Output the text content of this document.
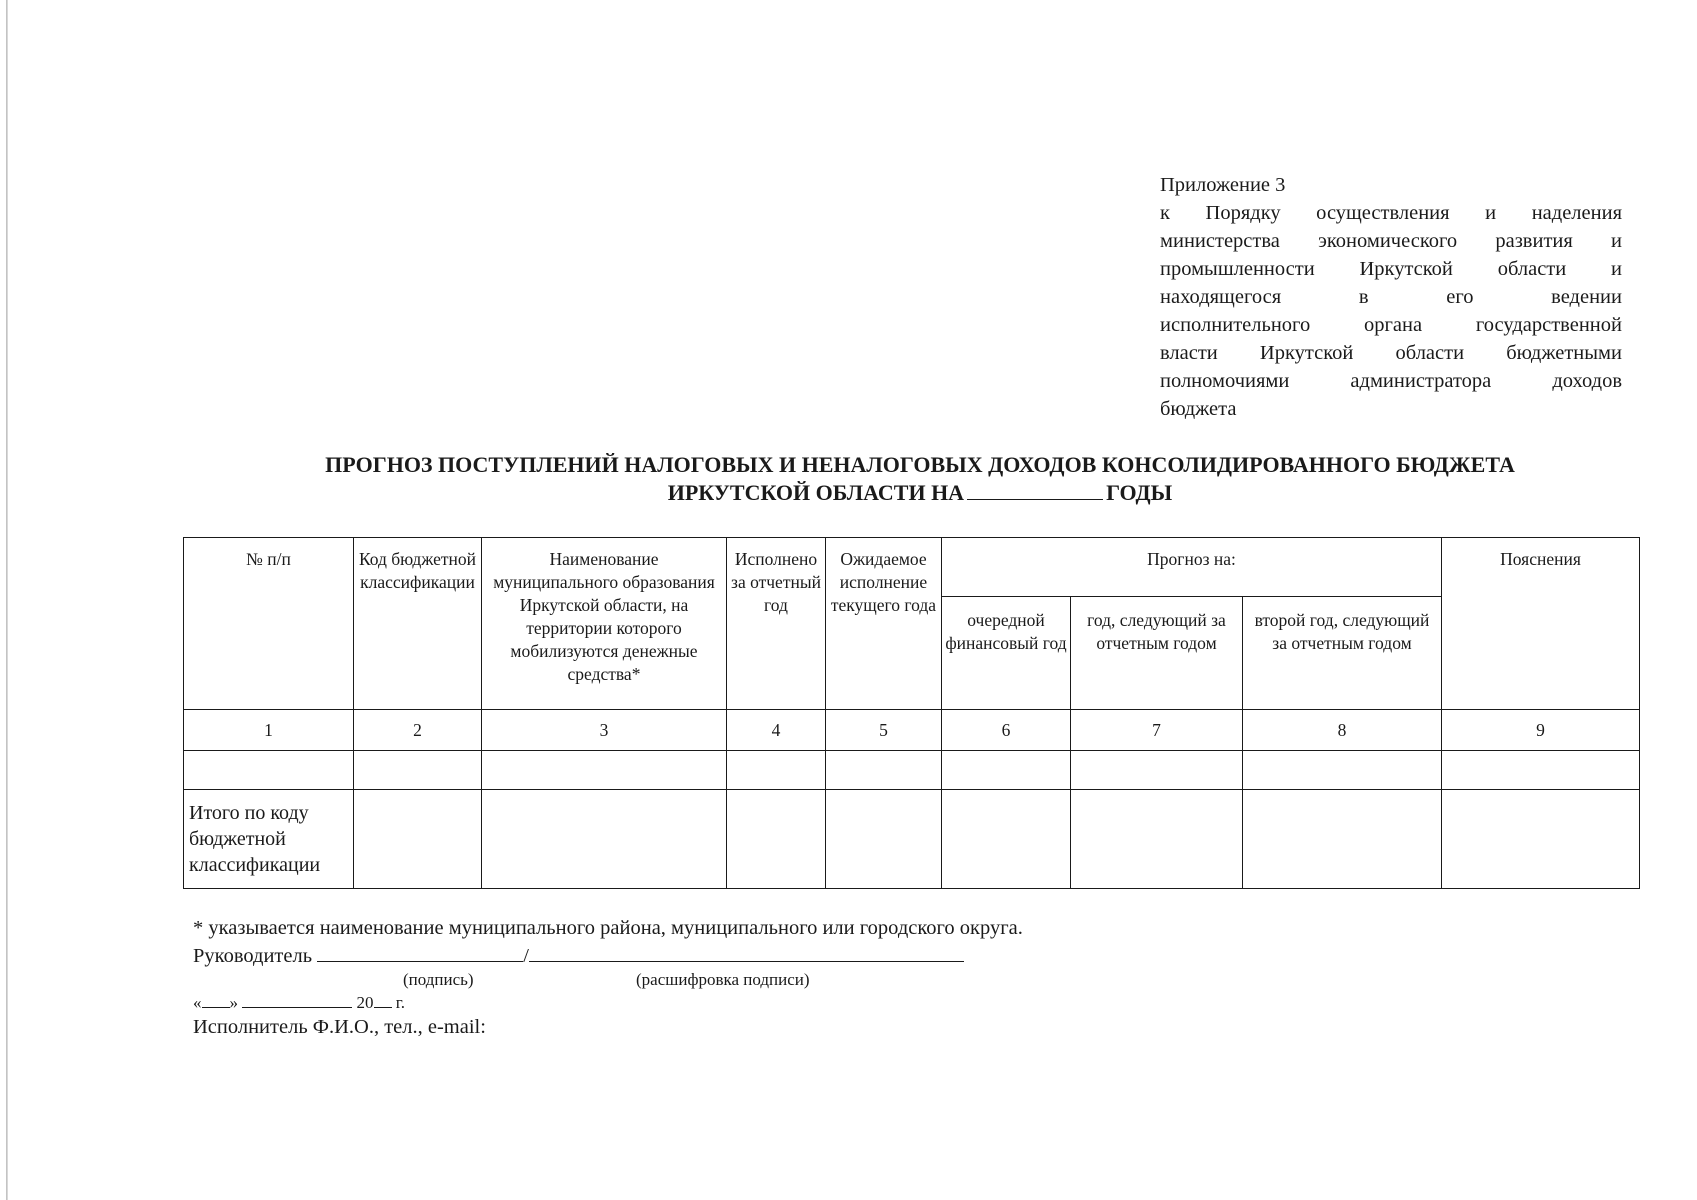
Приложение 3
к Порядку осуществления и наделения
министерства экономического развития и
промышленности Иркутской области и
находящегося в его ведении
исполнительного органа государственной
власти Иркутской области бюджетными
полномочиями администратора доходов
бюджета
ПРОГНОЗ ПОСТУПЛЕНИЙ НАЛОГОВЫХ И НЕНАЛОГОВЫХ ДОХОДОВ КОНСОЛИДИРОВАННОГО БЮДЖЕТА
ИРКУТСКОЙ ОБЛАСТИ НА	ГОДЫ
№ п/п	Код бюджетной классификации	Наименование муниципального образования Иркутской области, на территории которого мобилизуются денежные средства*	Исполнено за отчетный год	Ожидаемое исполнение текущего года	Прогноз на:			Пояснения
					очередной финансовый год	год, следующий за отчетным годом	второй год, следующий за отчетным годом	
1	2	3	4	5	6	7	8	9

Итого по коду бюджетной классификации								
* указывается наименование муниципального района, муниципального или городского округа.
Руководитель	/
(подпись)	(расшифровка подписи)
« »	20 г.
Исполнитель Ф.И.О., тел., e-mail:
